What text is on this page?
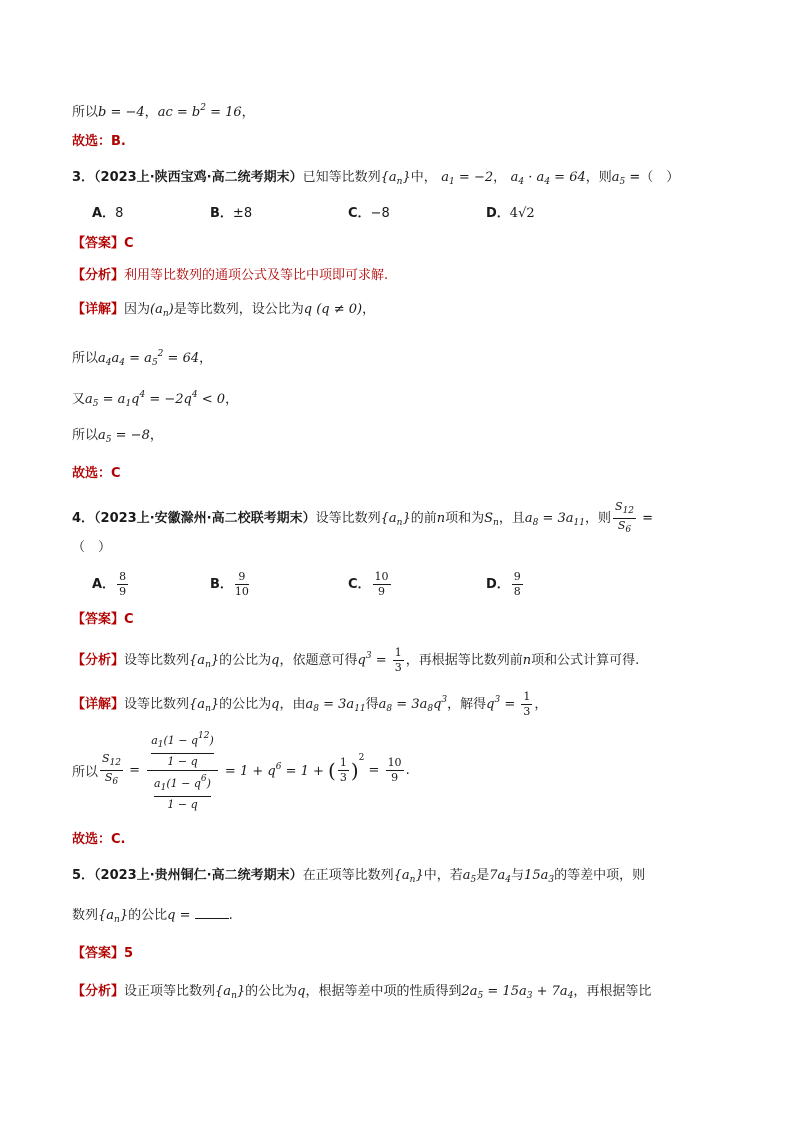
所以b = −4，ac = $b^2 = 16$，
故选：B.
3．（2023上·陕西宝鸡·高二统考期末）已知等比数列$\{a_n\}$中， $a_1 = -2$， $a_4 \cdot a_4 = 64$，则$a_5$ =（　）
A．8	B．±8	C．−8	D．4√2
【答案】C
【分析】利用等比数列的通项公式及等比中项即可求解.
【详解】因为$(a_n)$是等比数列，设公比为q (q ≠ 0)，
所以$a_4a_4 = a_5^2 = 64$，
又$a_5 = a_1q^4 = -2q^4 < 0$，
所以$a_5 = -8$，
故选：C
4．（2023上·安徽滁州·高二校联考期末）设等比数列$\{a_n\}$的前n项和为$S_n$，且$a_8 = 3a_{11}$，则 $\frac{S_{12}}{S_6}$ =
（　）
A． $\frac{8}{9}$	B． $\frac{9}{10}$	C． $\frac{10}{9}$	D． $\frac{9}{8}$
【答案】C
【分析】设等比数列$\{a_n\}$的公比为q，依题意可得$q^3 = \frac{1}{3}$ ，再根据等比数列前n项和公式计算可得.
【详解】设等比数列$\{a_n\}$的公比为q，由$a_8 = 3a_{11}$得$a_8 = 3a_8q^3$，解得$q^3 = \frac{1}{3}$ ，
所以 $\frac{S_{12}}{S_6} = \frac{\frac{a_1(1 - q^{12})}{1 - q}}{\frac{a_1(1 - q^6)}{1 - q}} = 1 + q^6 = 1$ + ( $\frac{1}{3} )^2 = \frac{10}{9}$ .
故选：C.
5．（2023上·贵州铜仁·高二统考期末）在正项等比数列$\{a_n\}$中，若$a_5$是$7a_4$与$15a_3$的等差中项，则
数列$\{a_n\}$的公比q =	.
【答案】5
【分析】设正项等比数列$\{a_n\}$的公比为q，根据等差中项的性质得到$2a_5 = 15a_3 + 7a_4$，再根据等比
